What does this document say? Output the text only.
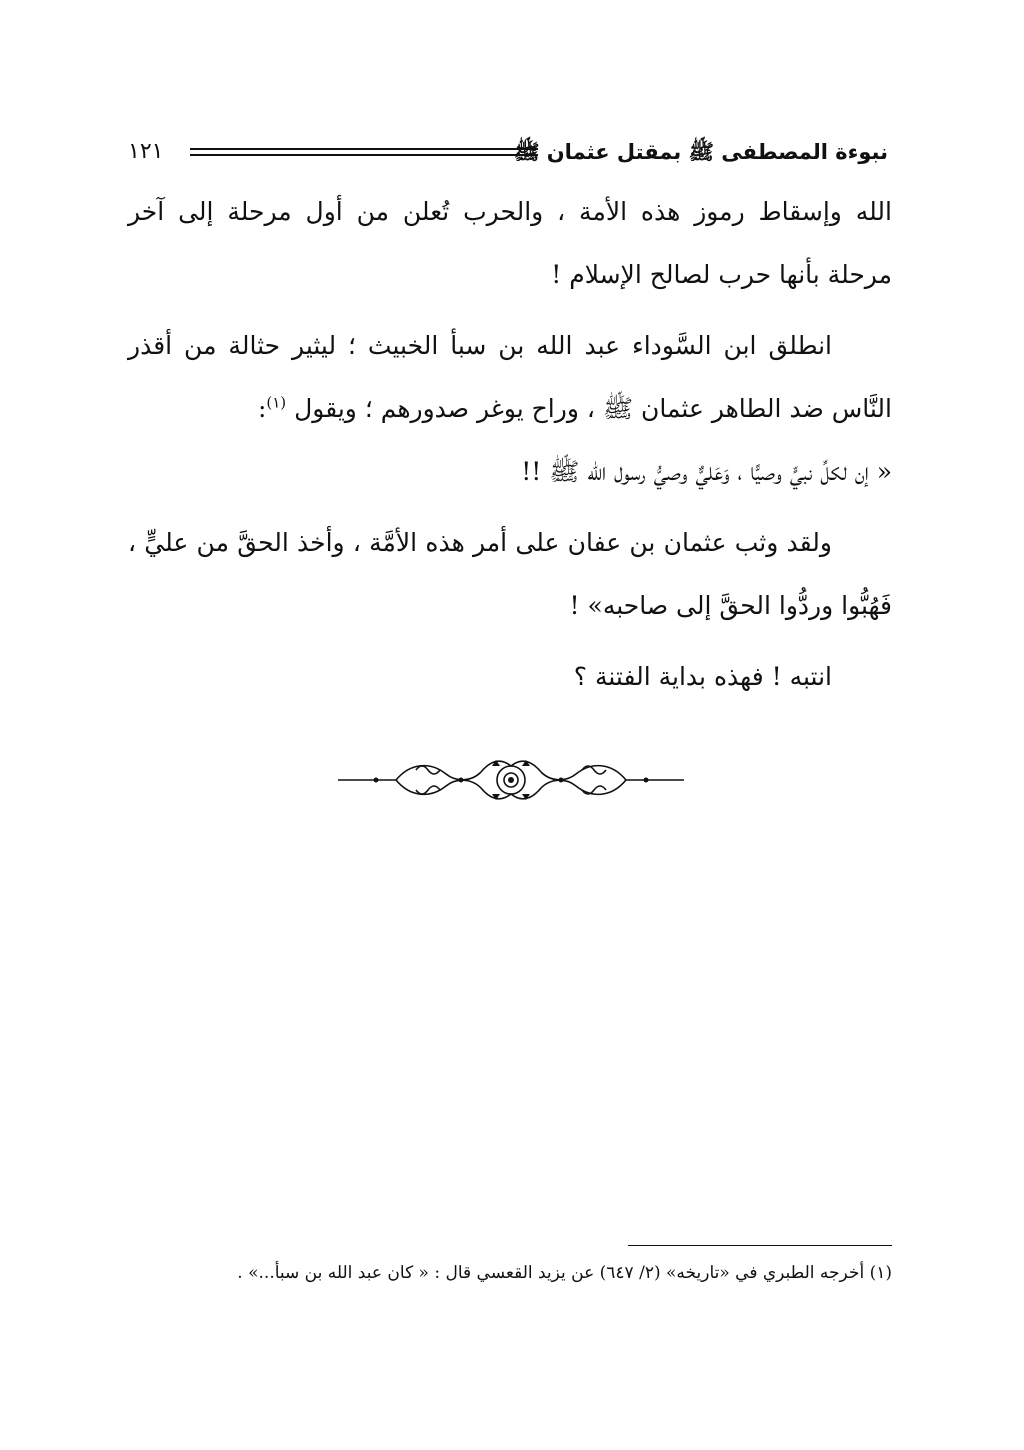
نبوءة المصطفى ﷺ بمقتل عثمان ﷺ
١٢١

الله وإسقاط رموز هذه الأمة ، والحرب تُعلن من أول مرحلة إلى آخر مرحلة بأنها حرب لصالح الإسلام !

انطلق ابن السَّوداء عبد الله بن سبأ الخبيث ؛ ليثير حثالة من أقذر النَّاس ضد الطاهر عثمان ﷺ ، وراح يوغر صدورهم ؛ ويقول $^{(١)}$:

« إن لكلِّ نبيٍّ وصيًّا ، وَعَليٌّ وصيُّ رسول الله ﷺ !!

ولقد وثب عثمان بن عفان على أمر هذه الأمَّة ، وأخذ الحقَّ من عليٍّ ، فَهُبُّوا وردُّوا الحقَّ إلى صاحبه» !

انتبه ! فهذه بداية الفتنة ؟

(١) أخرجه الطبري في «تاريخه» (٢/ ٦٤٧) عن يزيد القعسي قال : « كان عبد الله بن سبأ...» .
